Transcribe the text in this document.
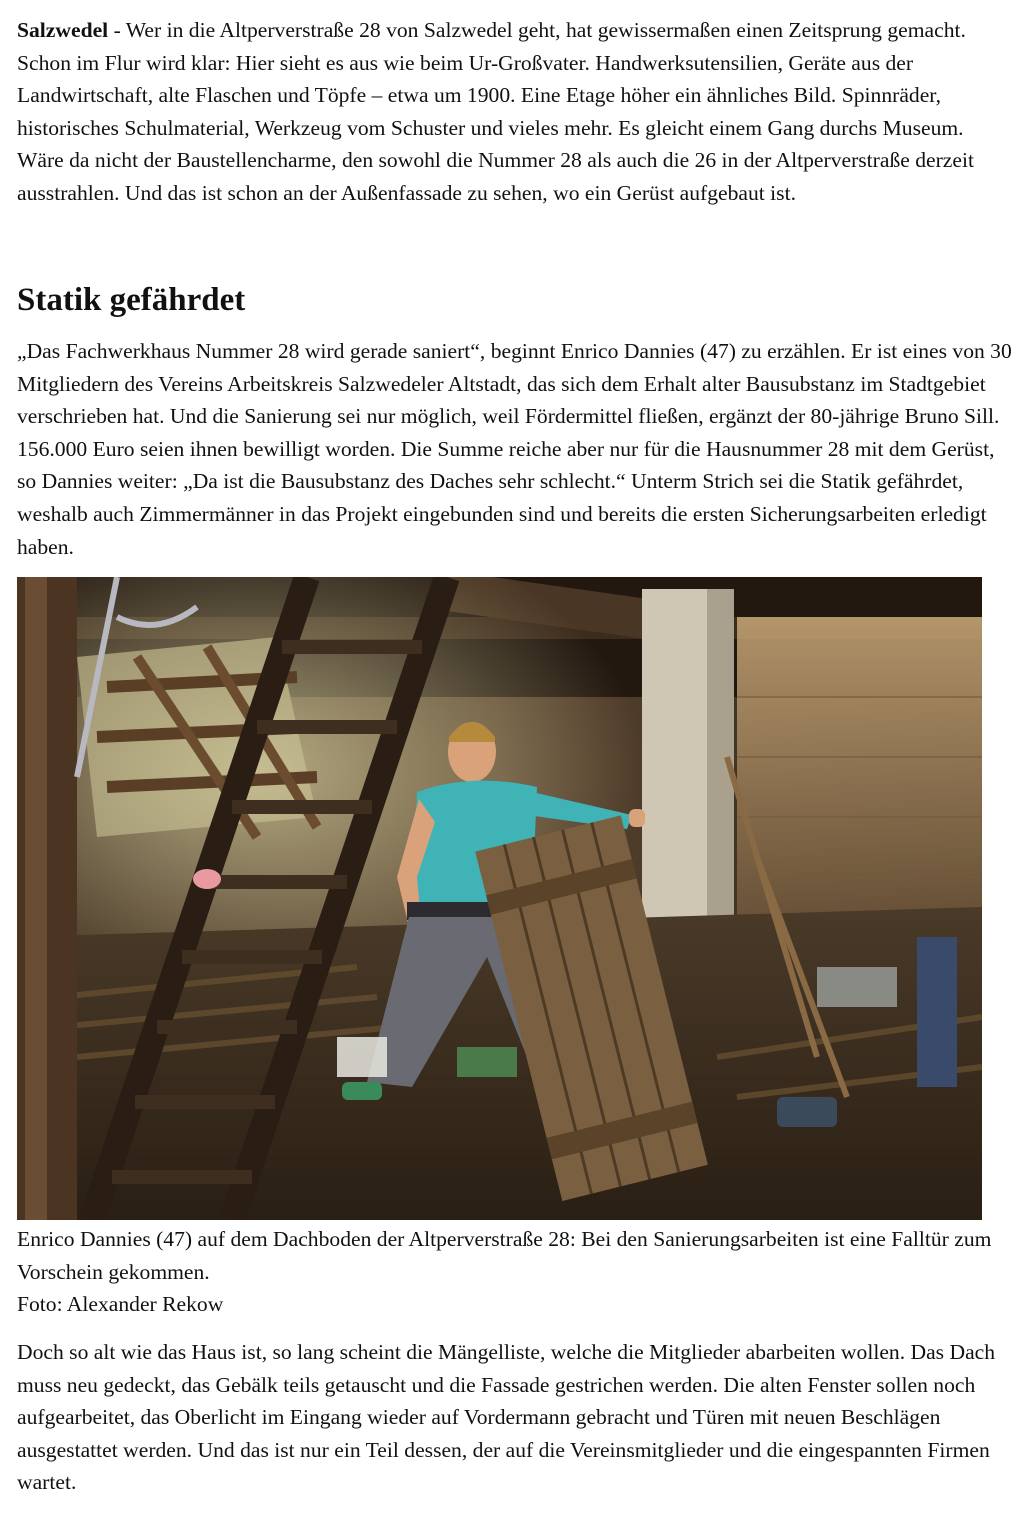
Salzwedel - Wer in die Altperverstraße 28 von Salzwedel geht, hat gewissermaßen einen Zeitsprung gemacht. Schon im Flur wird klar: Hier sieht es aus wie beim Ur-Großvater. Handwerksutensilien, Geräte aus der Landwirtschaft, alte Flaschen und Töpfe – etwa um 1900. Eine Etage höher ein ähnliches Bild. Spinnräder, historisches Schulmaterial, Werkzeug vom Schuster und vieles mehr. Es gleicht einem Gang durchs Museum. Wäre da nicht der Baustellencharme, den sowohl die Nummer 28 als auch die 26 in der Altperverstraße derzeit ausstrahlen. Und das ist schon an der Außenfassade zu sehen, wo ein Gerüst aufgebaut ist.

Statik gefährdet

„Das Fachwerkhaus Nummer 28 wird gerade saniert“, beginnt Enrico Dannies (47) zu erzählen. Er ist eines von 30 Mitgliedern des Vereins Arbeitskreis Salzwedeler Altstadt, das sich dem Erhalt alter Bausubstanz im Stadtgebiet verschrieben hat. Und die Sanierung sei nur möglich, weil Fördermittel fließen, ergänzt der 80-jährige Bruno Sill. 156.000 Euro seien ihnen bewilligt worden. Die Summe reiche aber nur für die Hausnummer 28 mit dem Gerüst, so Dannies weiter: „Da ist die Bausubstanz des Daches sehr schlecht.“ Unterm Strich sei die Statik gefährdet, weshalb auch Zimmermänner in das Projekt eingebunden sind und bereits die ersten Sicherungsarbeiten erledigt haben.

Enrico Dannies (47) auf dem Dachboden der Altperverstraße 28: Bei den Sanierungsarbeiten ist eine Falltür zum Vorschein gekommen.
Foto: Alexander Rekow

Doch so alt wie das Haus ist, so lang scheint die Mängelliste, welche die Mitglieder abarbeiten wollen. Das Dach muss neu gedeckt, das Gebälk teils getauscht und die Fassade gestrichen werden. Die alten Fenster sollen noch aufgearbeitet, das Oberlicht im Eingang wieder auf Vordermann gebracht und Türen mit neuen Beschlägen ausgestattet werden. Und das ist nur ein Teil dessen, der auf die Vereinsmitglieder und die eingespannten Firmen wartet.
